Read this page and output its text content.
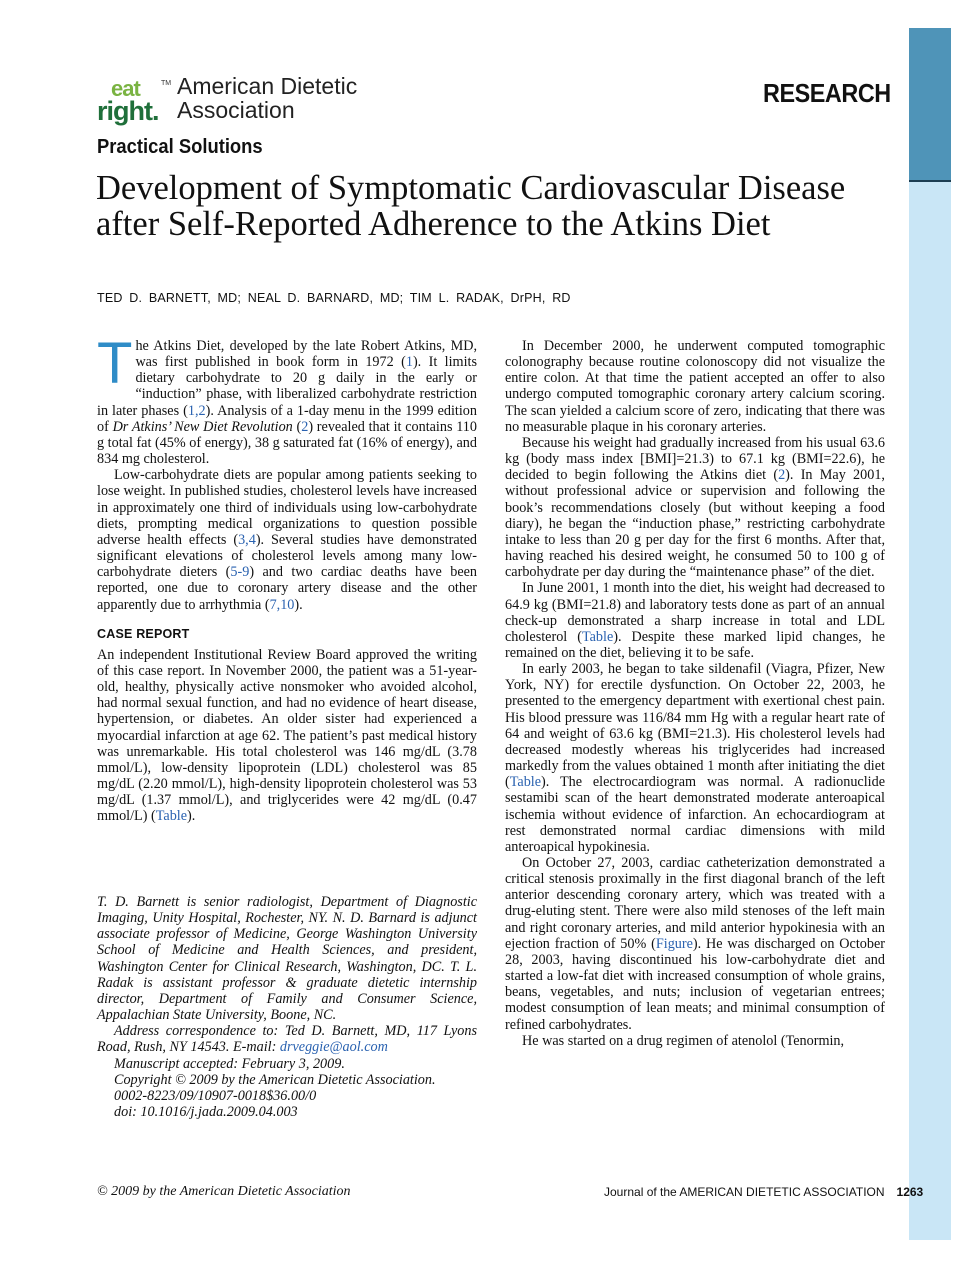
eat	TM
right.
American Dietetic
Association
RESEARCH
Practical Solutions
Development of Symptomatic Cardiovascular Disease after Self-Reported Adherence to the Atkins Diet
TED D. BARNETT, MD; NEAL D. BARNARD, MD; TIM L. RADAK, DrPH, RD

The Atkins Diet, developed by the late Robert Atkins, MD, was first published in book form in 1972 (1). It limits dietary carbohydrate to 20 g daily in the early or “induction” phase, with liberalized carbohydrate restriction in later phases (1,2). Analysis of a 1-day menu in the 1999 edition of Dr Atkins’ New Diet Revolution (2) revealed that it contains 110 g total fat (45% of energy), 38 g saturated fat (16% of energy), and 834 mg cholesterol.

Low-carbohydrate diets are popular among patients seeking to lose weight. In published studies, cholesterol levels have increased in approximately one third of individuals using low-carbohydrate diets, prompting medical organizations to question possible adverse health effects (3,4). Several studies have demonstrated significant elevations of cholesterol levels among many low-carbohydrate dieters (5-9) and two cardiac deaths have been reported, one due to coronary artery disease and the other apparently due to arrhythmia (7,10).

CASE REPORT

An independent Institutional Review Board approved the writing of this case report. In November 2000, the patient was a 51-year-old, healthy, physically active nonsmoker who avoided alcohol, had normal sexual function, and had no evidence of heart disease, hypertension, or diabetes. An older sister had experienced a myocardial infarction at age 62. The patient’s past medical history was unremarkable. His total cholesterol was 146 mg/dL (3.78 mmol/L), low-density lipoprotein (LDL) cholesterol was 85 mg/dL (2.20 mmol/L), high-density lipoprotein cholesterol was 53 mg/dL (1.37 mmol/L), and triglycerides were 42 mg/dL (0.47 mmol/L) (Table).

T. D. Barnett is senior radiologist, Department of Diagnostic Imaging, Unity Hospital, Rochester, NY. N. D. Barnard is adjunct associate professor of Medicine, George Washington University School of Medicine and Health Sciences, and president, Washington Center for Clinical Research, Washington, DC. T. L. Radak is assistant professor & graduate dietetic internship director, Department of Family and Consumer Science, Appalachian State University, Boone, NC.

Address correspondence to: Ted D. Barnett, MD, 117 Lyons Road, Rush, NY 14543. E-mail: drveggie@aol.com

Manuscript accepted: February 3, 2009.

Copyright © 2009 by the American Dietetic Association.

0002-8223/09/10907-0018$36.00/0

doi: 10.1016/j.jada.2009.04.003

In December 2000, he underwent computed tomographic colonography because routine colonoscopy did not visualize the entire colon. At that time the patient accepted an offer to also undergo computed tomographic coronary artery calcium scoring. The scan yielded a calcium score of zero, indicating that there was no measurable plaque in his coronary arteries.

Because his weight had gradually increased from his usual 63.6 kg (body mass index [BMI]=21.3) to 67.1 kg (BMI=22.6), he decided to begin following the Atkins diet (2). In May 2001, without professional advice or supervision and following the book’s recommendations closely (but without keeping a food diary), he began the “induction phase,” restricting carbohydrate intake to less than 20 g per day for the first 6 months. After that, having reached his desired weight, he consumed 50 to 100 g of carbohydrate per day during the “maintenance phase” of the diet.

In June 2001, 1 month into the diet, his weight had decreased to 64.9 kg (BMI=21.8) and laboratory tests done as part of an annual check-up demonstrated a sharp increase in total and LDL cholesterol (Table). Despite these marked lipid changes, he remained on the diet, believing it to be safe.

In early 2003, he began to take sildenafil (Viagra, Pfizer, New York, NY) for erectile dysfunction. On October 22, 2003, he presented to the emergency department with exertional chest pain. His blood pressure was 116/84 mm Hg with a regular heart rate of 64 and weight of 63.6 kg (BMI=21.3). His cholesterol levels had decreased modestly whereas his triglycerides had increased markedly from the values obtained 1 month after initiating the diet (Table). The electrocardiogram was normal. A radionuclide sestamibi scan of the heart demonstrated moderate anteroapical ischemia without evidence of infarction. An echocardiogram at rest demonstrated normal cardiac dimensions with mild anteroapical hypokinesia.

On October 27, 2003, cardiac catheterization demonstrated a critical stenosis proximally in the first diagonal branch of the left anterior descending coronary artery, which was treated with a drug-eluting stent. There were also mild stenoses of the left main and right coronary arteries, and mild anterior hypokinesia with an ejection fraction of 50% (Figure). He was discharged on October 28, 2003, having discontinued his low-carbohydrate diet and started a low-fat diet with increased consumption of whole grains, beans, vegetables, and nuts; inclusion of vegetarian entrees; modest consumption of lean meats; and minimal consumption of refined carbohydrates.

He was started on a drug regimen of atenolol (Tenormin,

© 2009 by the American Dietetic Association	Journal of the AMERICAN DIETETIC ASSOCIATION 1263
